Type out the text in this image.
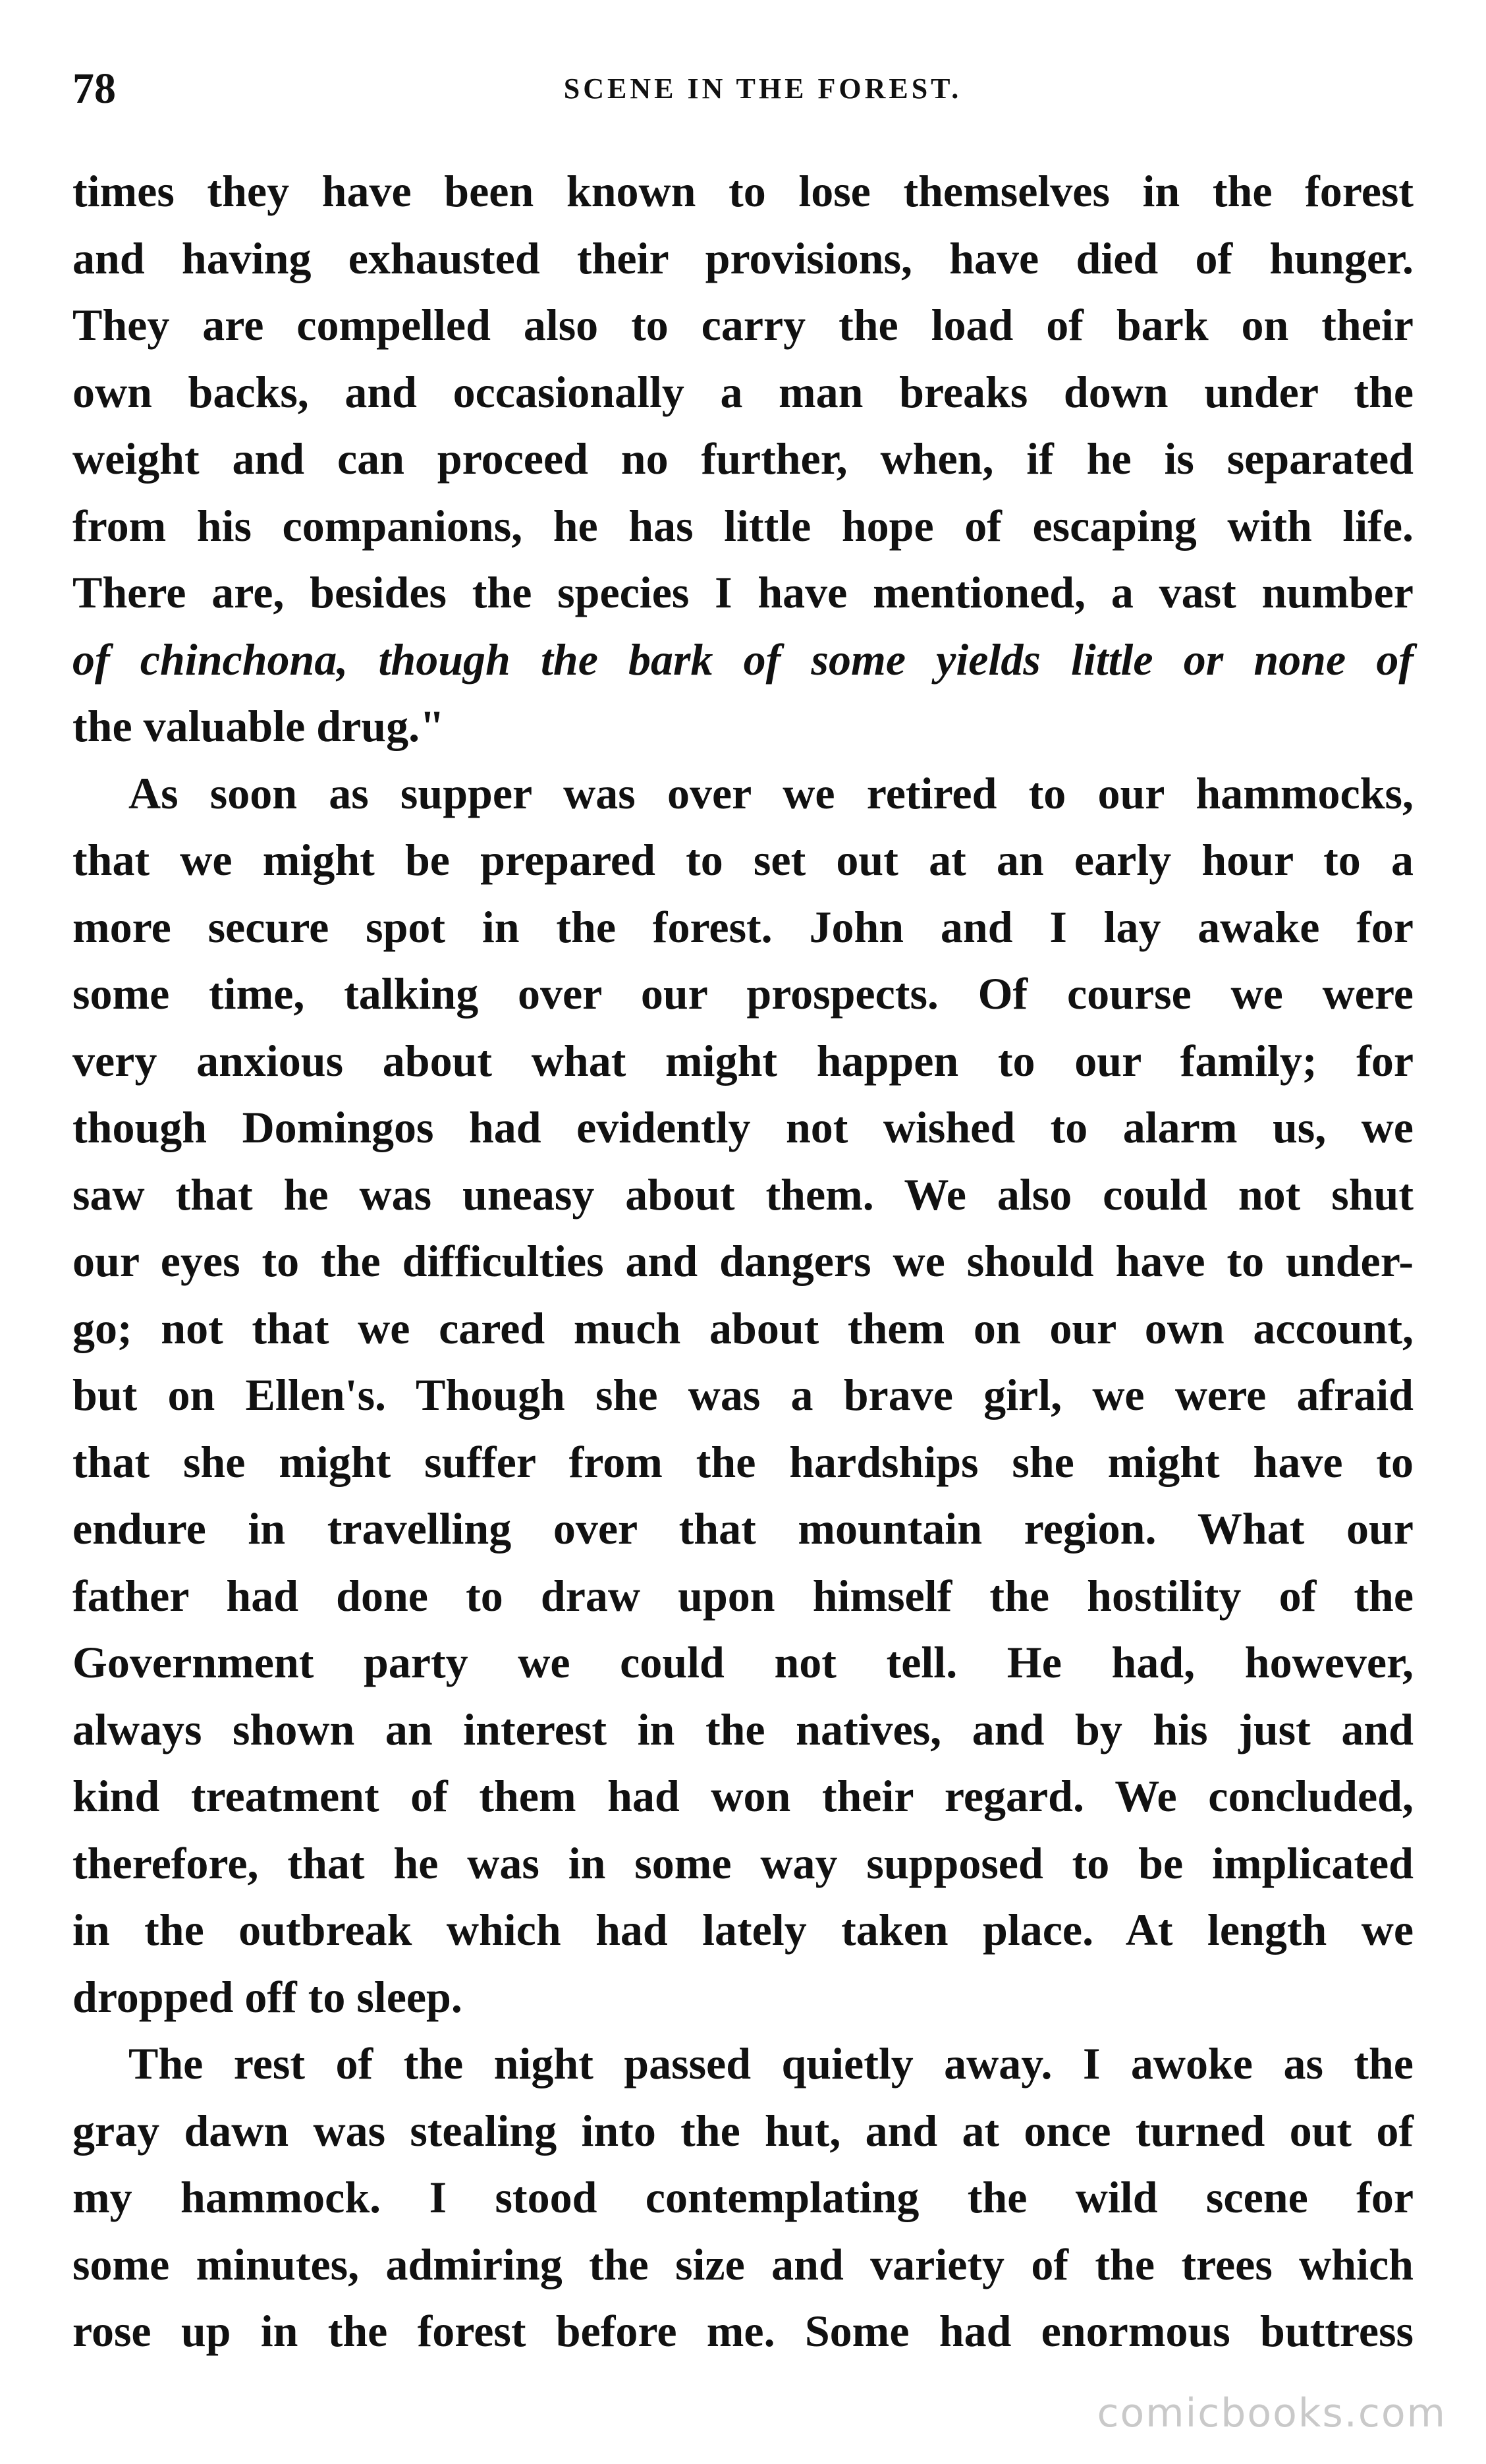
78	SCENE IN THE FOREST.
times they have been known to lose themselves in the forest
and having exhausted their provisions, have died of hunger.
They are compelled also to carry the load of bark on their
own backs, and occasionally a man breaks down under the
weight and can proceed no further, when, if he is separated
from his companions, he has little hope of escaping with life.
There are, besides the species I have mentioned, a vast number
of chinchona, though the bark of some yields little or none of
the valuable drug."
As soon as supper was over we retired to our hammocks,
that we might be prepared to set out at an early hour to a
more secure spot in the forest. John and I lay awake for
some time, talking over our prospects. Of course we were
very anxious about what might happen to our family; for
though Domingos had evidently not wished to alarm us, we
saw that he was uneasy about them. We also could not shut
our eyes to the difficulties and dangers we should have to under-
go; not that we cared much about them on our own account,
but on Ellen's. Though she was a brave girl, we were afraid
that she might suffer from the hardships she might have to
endure in travelling over that mountain region. What our
father had done to draw upon himself the hostility of the
Government party we could not tell. He had, however,
always shown an interest in the natives, and by his just and
kind treatment of them had won their regard. We concluded,
therefore, that he was in some way supposed to be implicated
in the outbreak which had lately taken place. At length we
dropped off to sleep.
The rest of the night passed quietly away. I awoke as the
gray dawn was stealing into the hut, and at once turned out of
my hammock. I stood contemplating the wild scene for
some minutes, admiring the size and variety of the trees which
rose up in the forest before me. Some had enormous buttress
comicbooks.com
